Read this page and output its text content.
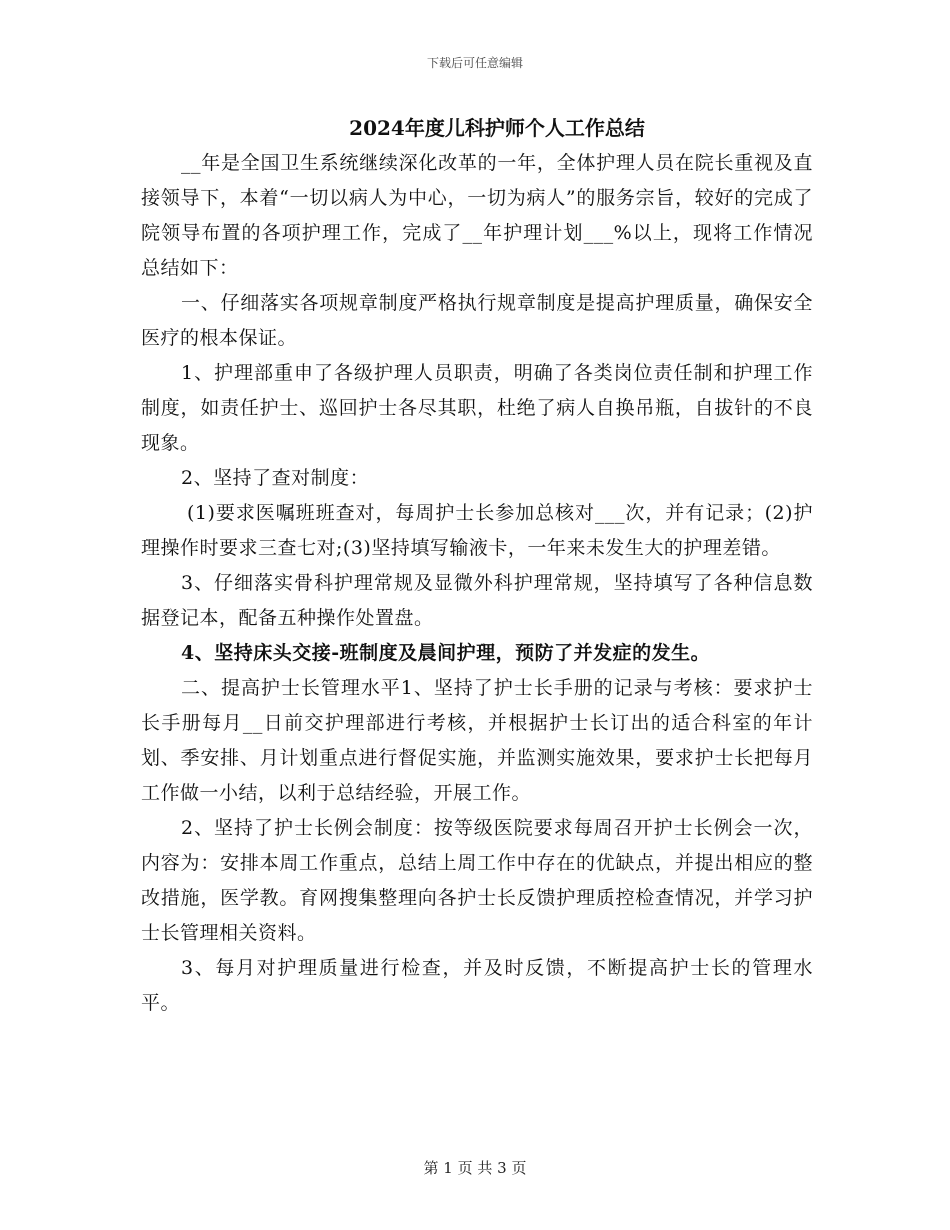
下载后可任意编辑
2024年度儿科护师个人工作总结

__年是全国卫生系统继续深化改革的一年，全体护理人员在院长重视及直接领导下，本着“一切以病人为中心，一切为病人”的服务宗旨，较好的完成了院领导布置的各项护理工作，完成了__年护理计划___%以上，现将工作情况总结如下：

一、仔细落实各项规章制度严格执行规章制度是提高护理质量，确保安全医疗的根本保证。

1、护理部重申了各级护理人员职责，明确了各类岗位责任制和护理工作制度，如责任护士、巡回护士各尽其职，杜绝了病人自换吊瓶，自拔针的不良现象。

2、坚持了查对制度：

(1)要求医嘱班班查对，每周护士长参加总核对___次，并有记录；(2)护理操作时要求三查七对;(3)坚持填写输液卡，一年来未发生大的护理差错。

3、仔细落实骨科护理常规及显微外科护理常规，坚持填写了各种信息数据登记本，配备五种操作处置盘。

4、坚持床头交接-班制度及晨间护理，预防了并发症的发生。

二、提高护士长管理水平1、坚持了护士长手册的记录与考核：要求护士长手册每月__日前交护理部进行考核，并根据护士长订出的适合科室的年计划、季安排、月计划重点进行督促实施，并监测实施效果，要求护士长把每月工作做一小结，以利于总结经验，开展工作。

2、坚持了护士长例会制度：按等级医院要求每周召开护士长例会一次，内容为：安排本周工作重点，总结上周工作中存在的优缺点，并提出相应的整改措施，医学教。育网搜集整理向各护士长反馈护理质控检查情况，并学习护士长管理相关资料。

3、每月对护理质量进行检查，并及时反馈，不断提高护士长的管理水平。

第 1 页 共 3 页
